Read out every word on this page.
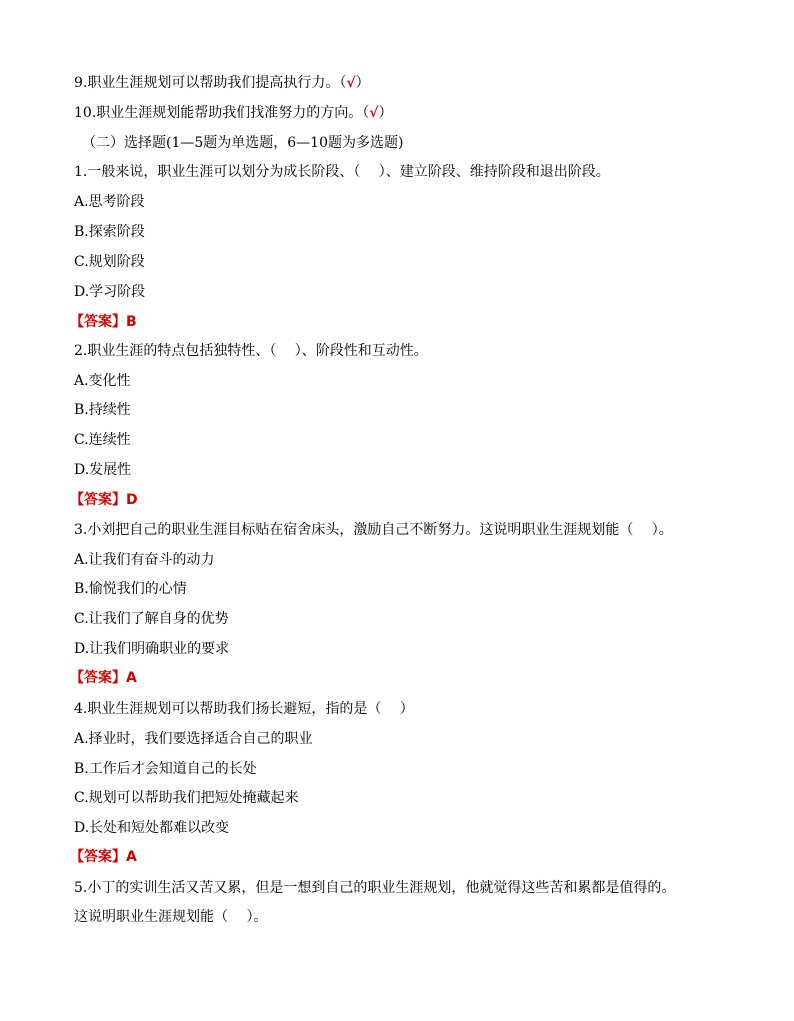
9.职业生涯规划可以帮助我们提高执行力。（√）
10.职业生涯规划能帮助我们找准努力的方向。（√）
（二）选择题(1—5题为单选题，6—10题为多选题)
1.一般来说，职业生涯可以划分为成长阶段、（　 ）、建立阶段、维持阶段和退出阶段。
A.思考阶段
B.探索阶段
C.规划阶段
D.学习阶段
【答案】B
2.职业生涯的特点包括独特性、（　 ）、阶段性和互动性。
A.变化性
B.持续性
C.连续性
D.发展性
【答案】D
3.小刘把自己的职业生涯目标贴在宿舍床头，激励自己不断努力。这说明职业生涯规划能（　 ）。
A.让我们有奋斗的动力
B.愉悦我们的心情
C.让我们了解自身的优势
D.让我们明确职业的要求
【答案】A
4.职业生涯规划可以帮助我们扬长避短，指的是（　 ）
A.择业时，我们要选择适合自己的职业
B.工作后才会知道自己的长处
C.规划可以帮助我们把短处掩藏起来
D.长处和短处都难以改变
【答案】A
5.小丁的实训生活又苦又累，但是一想到自己的职业生涯规划，他就觉得这些苦和累都是值得的。
这说明职业生涯规划能（　 ）。
